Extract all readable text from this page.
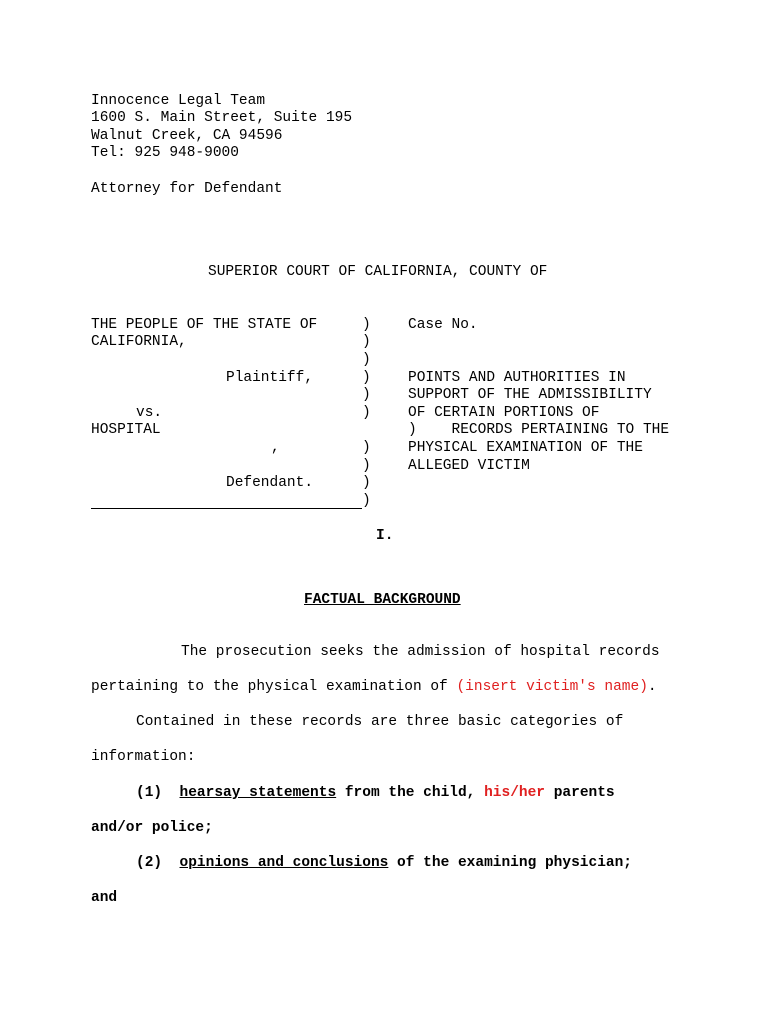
Innocence Legal Team
1600 S. Main Street, Suite 195
Walnut Creek, CA 94596
Tel: 925 948-9000
Attorney for Defendant
SUPERIOR COURT OF CALIFORNIA, COUNTY OF
THE PEOPLE OF THE STATE OF
CALIFORNIA,
Plaintiff,
vs.
HOSPITAL
,
Defendant.
)
)
)
)
)
)
)
)
)
)
Case No.
POINTS AND AUTHORITIES IN
SUPPORT OF THE ADMISSIBILITY
OF CERTAIN PORTIONS OF
)    RECORDS PERTAINING TO THE
PHYSICAL EXAMINATION OF THE
ALLEGED VICTIM
I.
FACTUAL BACKGROUND
The prosecution seeks the admission of hospital records
pertaining to the physical examination of (insert victim's name).
Contained in these records are three basic categories of
information:
(1) hearsay statements from the child, his/her parents
and/or police;
(2) opinions and conclusions of the examining physician;
and
